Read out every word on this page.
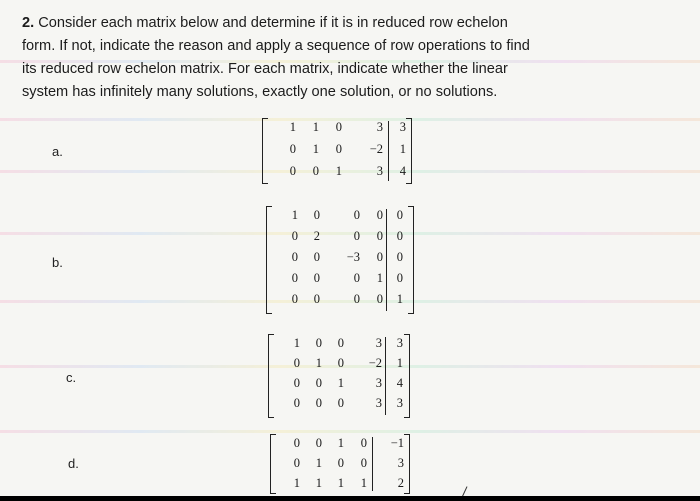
2. Consider each matrix below and determine if it is in reduced row echelon
form. If not, indicate the reason and apply a sequence of row operations to find
its reduced row echelon matrix. For each matrix, indicate whether the linear
system has infinitely many solutions, exactly one solution, or no solutions.
a.
1	1	0	3	3
0	1	0	−2	1
0	0	1	3	4
b.
1	0	0	0	0
0	2	0	0	0
0	0	−3	0	0
0	0	0	1	0
0	0	0	0	1
c.
1	0	0	3	3
0	1	0	−2	1
0	0	1	3	4
0	0	0	3	3
d.
0	0	1	0	−1
0	1	0	0	3
1	1	1	1	2
